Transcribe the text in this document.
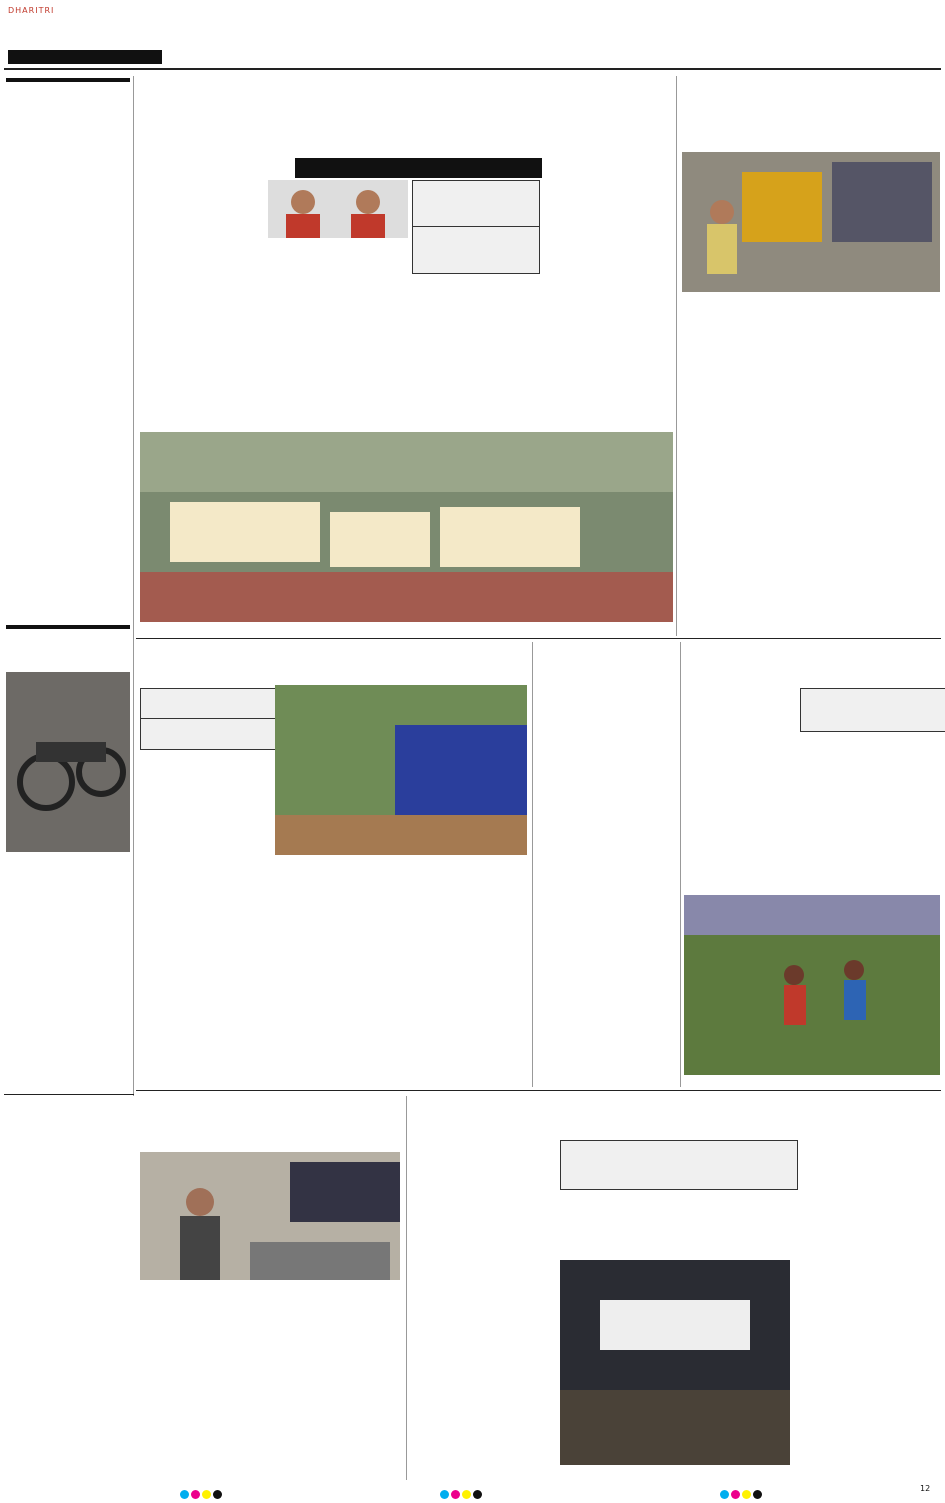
DHARITRI
12
